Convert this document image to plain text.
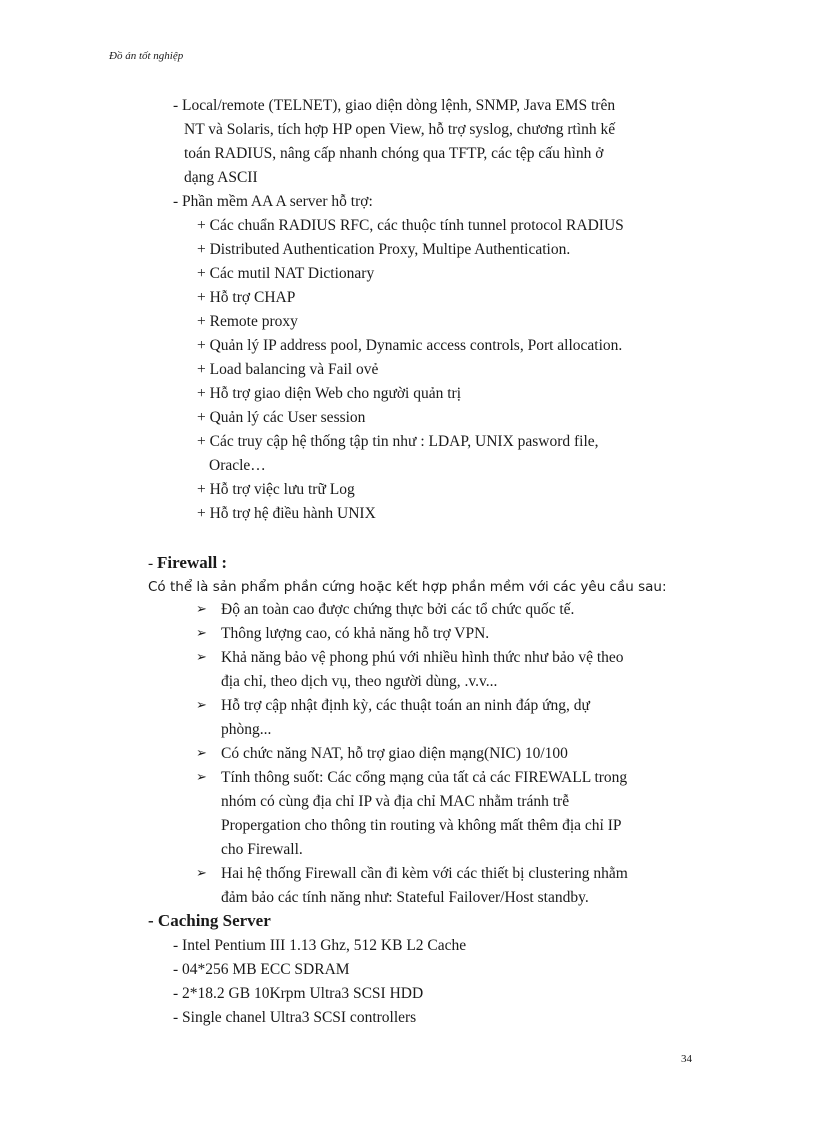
Đồ án tốt nghiệp
- Local/remote (TELNET), giao diện dòng lệnh, SNMP, Java EMS trên
NT và Solaris, tích hợp HP open View, hỗ trợ syslog, chương rtình kế
toán RADIUS, nâng cấp nhanh chóng qua TFTP, các tệp cấu hình ở
dạng ASCII
- Phần mềm AA A server hỗ trợ:
+ Các chuẩn RADIUS RFC, các thuộc tính tunnel protocol RADIUS
+ Distributed Authentication Proxy, Multipe Authentication.
+ Các mutil NAT Dictionary
+ Hỗ trợ CHAP
+ Remote proxy
+ Quản lý IP address pool, Dynamic access controls, Port allocation.
+ Load balancing và Fail ovẻ
+ Hỗ trợ giao diện Web cho người quản trị
+ Quản lý các User session
+ Các truy cập hệ thống tập tin như : LDAP, UNIX pasword file,
Oracle…
+ Hỗ trợ việc lưu trữ Log
+ Hỗ trợ hệ điều hành UNIX
- Firewall :
Có thể là sản phẩm phần cứng hoặc kết hợp phần mềm với các yêu cầu sau:
➢ Độ an toàn cao được chứng thực bởi các tổ chức quốc tế.
➢ Thông lượng cao, có khả năng hỗ trợ VPN.
➢ Khả năng bảo vệ phong phú với nhiều hình thức như bảo vệ theo
địa chỉ, theo dịch vụ, theo người dùng, .v.v...
➢ Hỗ trợ cập nhật định kỳ, các thuật toán an ninh đáp ứng, dự
phòng...
➢ Có chức năng NAT, hỗ trợ giao diện mạng(NIC) 10/100
➢ Tính thông suốt: Các cổng mạng của tất cả các FIREWALL trong
nhóm có cùng địa chỉ IP và địa chỉ MAC nhằm tránh trễ
Propergation cho thông tin routing và không mất thêm địa chỉ IP
cho Firewall.
➢ Hai hệ thống Firewall cần đi kèm với các thiết bị clustering nhằm
đảm bảo các tính năng như: Stateful Failover/Host standby.
- Caching Server
- Intel Pentium III 1.13 Ghz, 512 KB L2 Cache
- 04*256 MB ECC SDRAM
- 2*18.2 GB 10Krpm Ultra3 SCSI HDD
- Single chanel Ultra3 SCSI controllers
34
